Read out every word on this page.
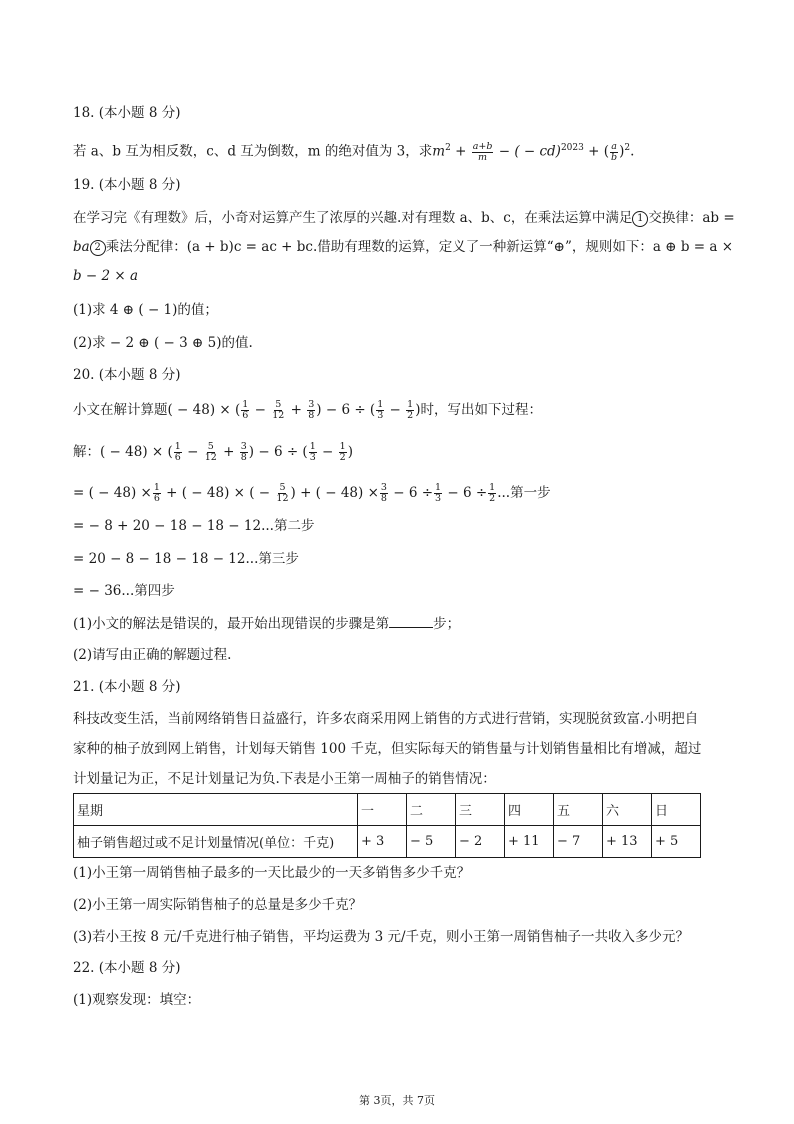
18. (本小题 8 分)
若 a、b 互为相反数，c、d 互为倒数，m 的绝对值为 3，求$m^2 + \frac{a+b}{m}$ − ( − cd)$^{2023}$ + ( $\frac{a}{b} )^2$.
19. (本小题 8 分)
在学习完《有理数》后，小奇对运算产生了浓厚的兴趣.对有理数 a、b、c，在乘法运算中满足 1 交换律：ab =
ba 2 乘法分配律：(a + b)c = ac + bc.借助有理数的运算，定义了一种新运算“⊕”，规则如下：a ⊕ b = a ×
b − 2 × a
(1)求 4 ⊕ ( − 1)的值；
(2)求 − 2 ⊕ ( − 3 ⊕ 5)的值.
20. (本小题 8 分)
小文在解计算题( − 48) × ( $\frac{1}{6} - \frac{5}{12} + \frac{3}{8}$ ) − 6 ÷ ( $\frac{1}{3} - \frac{1}{2}$ )时，写出如下过程：
解：( − 48) × ( $\frac{1}{6} - \frac{5}{12} + \frac{3}{8}$ ) − 6 ÷ ( $\frac{1}{3} - \frac{1}{2}$ )
= ( − $48) \times \frac{1}{6}$ + ( − 48) × ( − $\frac{5}{12}$ ) + ( − $48) \times \frac{3}{8} - 6 \div \frac{1}{3} - 6 \div \frac{1}{2}$ ...第一步
= − 8 + 20 − 18 − 18 − 12...第二步
= 20 − 8 − 18 − 18 − 12...第三步
= − 36...第四步
(1)小文的解法是错误的，最开始出现错误的步骤是第	步；
(2)请写由正确的解题过程.
21. (本小题 8 分)
科技改变生活，当前网络销售日益盛行，许多农商采用网上销售的方式进行营销，实现脱贫致富.小明把自
家种的柚子放到网上销售，计划每天销售 100 千克，但实际每天的销售量与计划销售量相比有增减，超过
计划量记为正，不足计划量记为负.下表是小王第一周柚子的销售情况：
星期	一	二	三	四	五	六	日
柚子销售超过或不足计划量情况(单位：千克)	+ 3	− 5	− 2	+ 11	− 7	+ 13	+ 5
(1)小王第一周销售柚子最多的一天比最少的一天多销售多少千克？
(2)小王第一周实际销售柚子的总量是多少千克？
(3)若小王按 8 元/千克进行柚子销售，平均运费为 3 元/千克，则小王第一周销售柚子一共收入多少元？
22. (本小题 8 分)
(1)观察发现：填空：
第 3页，共 7页
